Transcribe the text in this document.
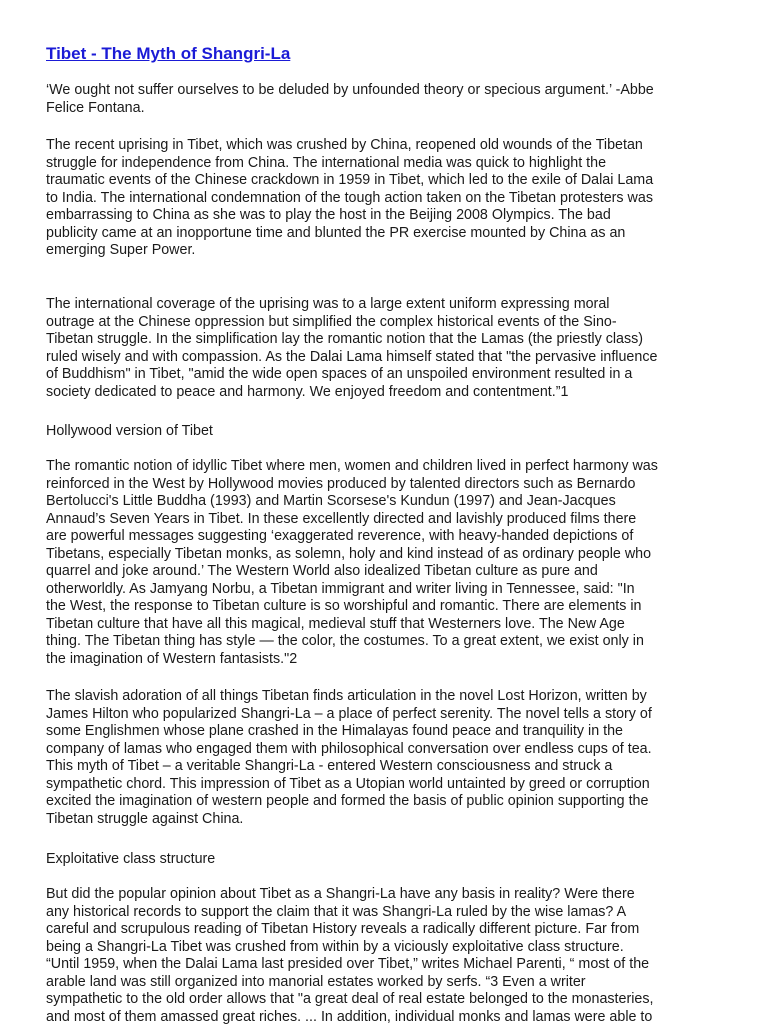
Tibet - The Myth of Shangri-La

‘We ought not suffer ourselves to be deluded by unfounded theory or specious argument.’ -Abbe
Felice Fontana.

The recent uprising in Tibet, which was crushed by China, reopened old wounds of the Tibetan
struggle for independence from China. The international media was quick to highlight the
traumatic events of the Chinese crackdown in 1959 in Tibet, which led to the exile of Dalai Lama
to India. The international condemnation of the tough action taken on the Tibetan protesters was
embarrassing to China as she was to play the host in the Beijing 2008 Olympics. The bad
publicity came at an inopportune time and blunted the PR exercise mounted by China as an
emerging Super Power.

The international coverage of the uprising was to a large extent uniform expressing moral
outrage at the Chinese oppression but simplified the complex historical events of the Sino-
Tibetan struggle. In the simplification lay the romantic notion that the Lamas (the priestly class)
ruled wisely and with compassion. As the Dalai Lama himself stated that "the pervasive influence
of Buddhism" in Tibet, "amid the wide open spaces of an unspoiled environment resulted in a
society dedicated to peace and harmony. We enjoyed freedom and contentment.”1

Hollywood version of Tibet

The romantic notion of idyllic Tibet where men, women and children lived in perfect harmony was
reinforced in the West by Hollywood movies produced by talented directors such as Bernardo
Bertolucci's Little Buddha (1993) and Martin Scorsese's Kundun (1997) and Jean-Jacques
Annaud’s Seven Years in Tibet. In these excellently directed and lavishly produced films there
are powerful messages suggesting ‘exaggerated reverence, with heavy-handed depictions of
Tibetans, especially Tibetan monks, as solemn, holy and kind instead of as ordinary people who
quarrel and joke around.’ The Western World also idealized Tibetan culture as pure and
otherworldly. As Jamyang Norbu, a Tibetan immigrant and writer living in Tennessee, said: "In
the West, the response to Tibetan culture is so worshipful and romantic. There are elements in
Tibetan culture that have all this magical, medieval stuff that Westerners love. The New Age
thing. The Tibetan thing has style — the color, the costumes. To a great extent, we exist only in
the imagination of Western fantasists."2

The slavish adoration of all things Tibetan finds articulation in the novel Lost Horizon, written by
James Hilton who popularized Shangri-La – a place of perfect serenity. The novel tells a story of
some Englishmen whose plane crashed in the Himalayas found peace and tranquility in the
company of lamas who engaged them with philosophical conversation over endless cups of tea.
This myth of Tibet – a veritable Shangri-La - entered Western consciousness and struck a
sympathetic chord. This impression of Tibet as a Utopian world untainted by greed or corruption
excited the imagination of western people and formed the basis of public opinion supporting the
Tibetan struggle against China.

Exploitative class structure

But did the popular opinion about Tibet as a Shangri-La have any basis in reality? Were there
any historical records to support the claim that it was Shangri-La ruled by the wise lamas? A
careful and scrupulous reading of Tibetan History reveals a radically different picture. Far from
being a Shangri-La Tibet was crushed from within by a viciously exploitative class structure.
“Until 1959, when the Dalai Lama last presided over Tibet,” writes Michael Parenti, “ most of the
arable land was still organized into manorial estates worked by serfs. “3 Even a writer
sympathetic to the old order allows that "a great deal of real estate belonged to the monasteries,
and most of them amassed great riches. ... In addition, individual monks and lamas were able to
